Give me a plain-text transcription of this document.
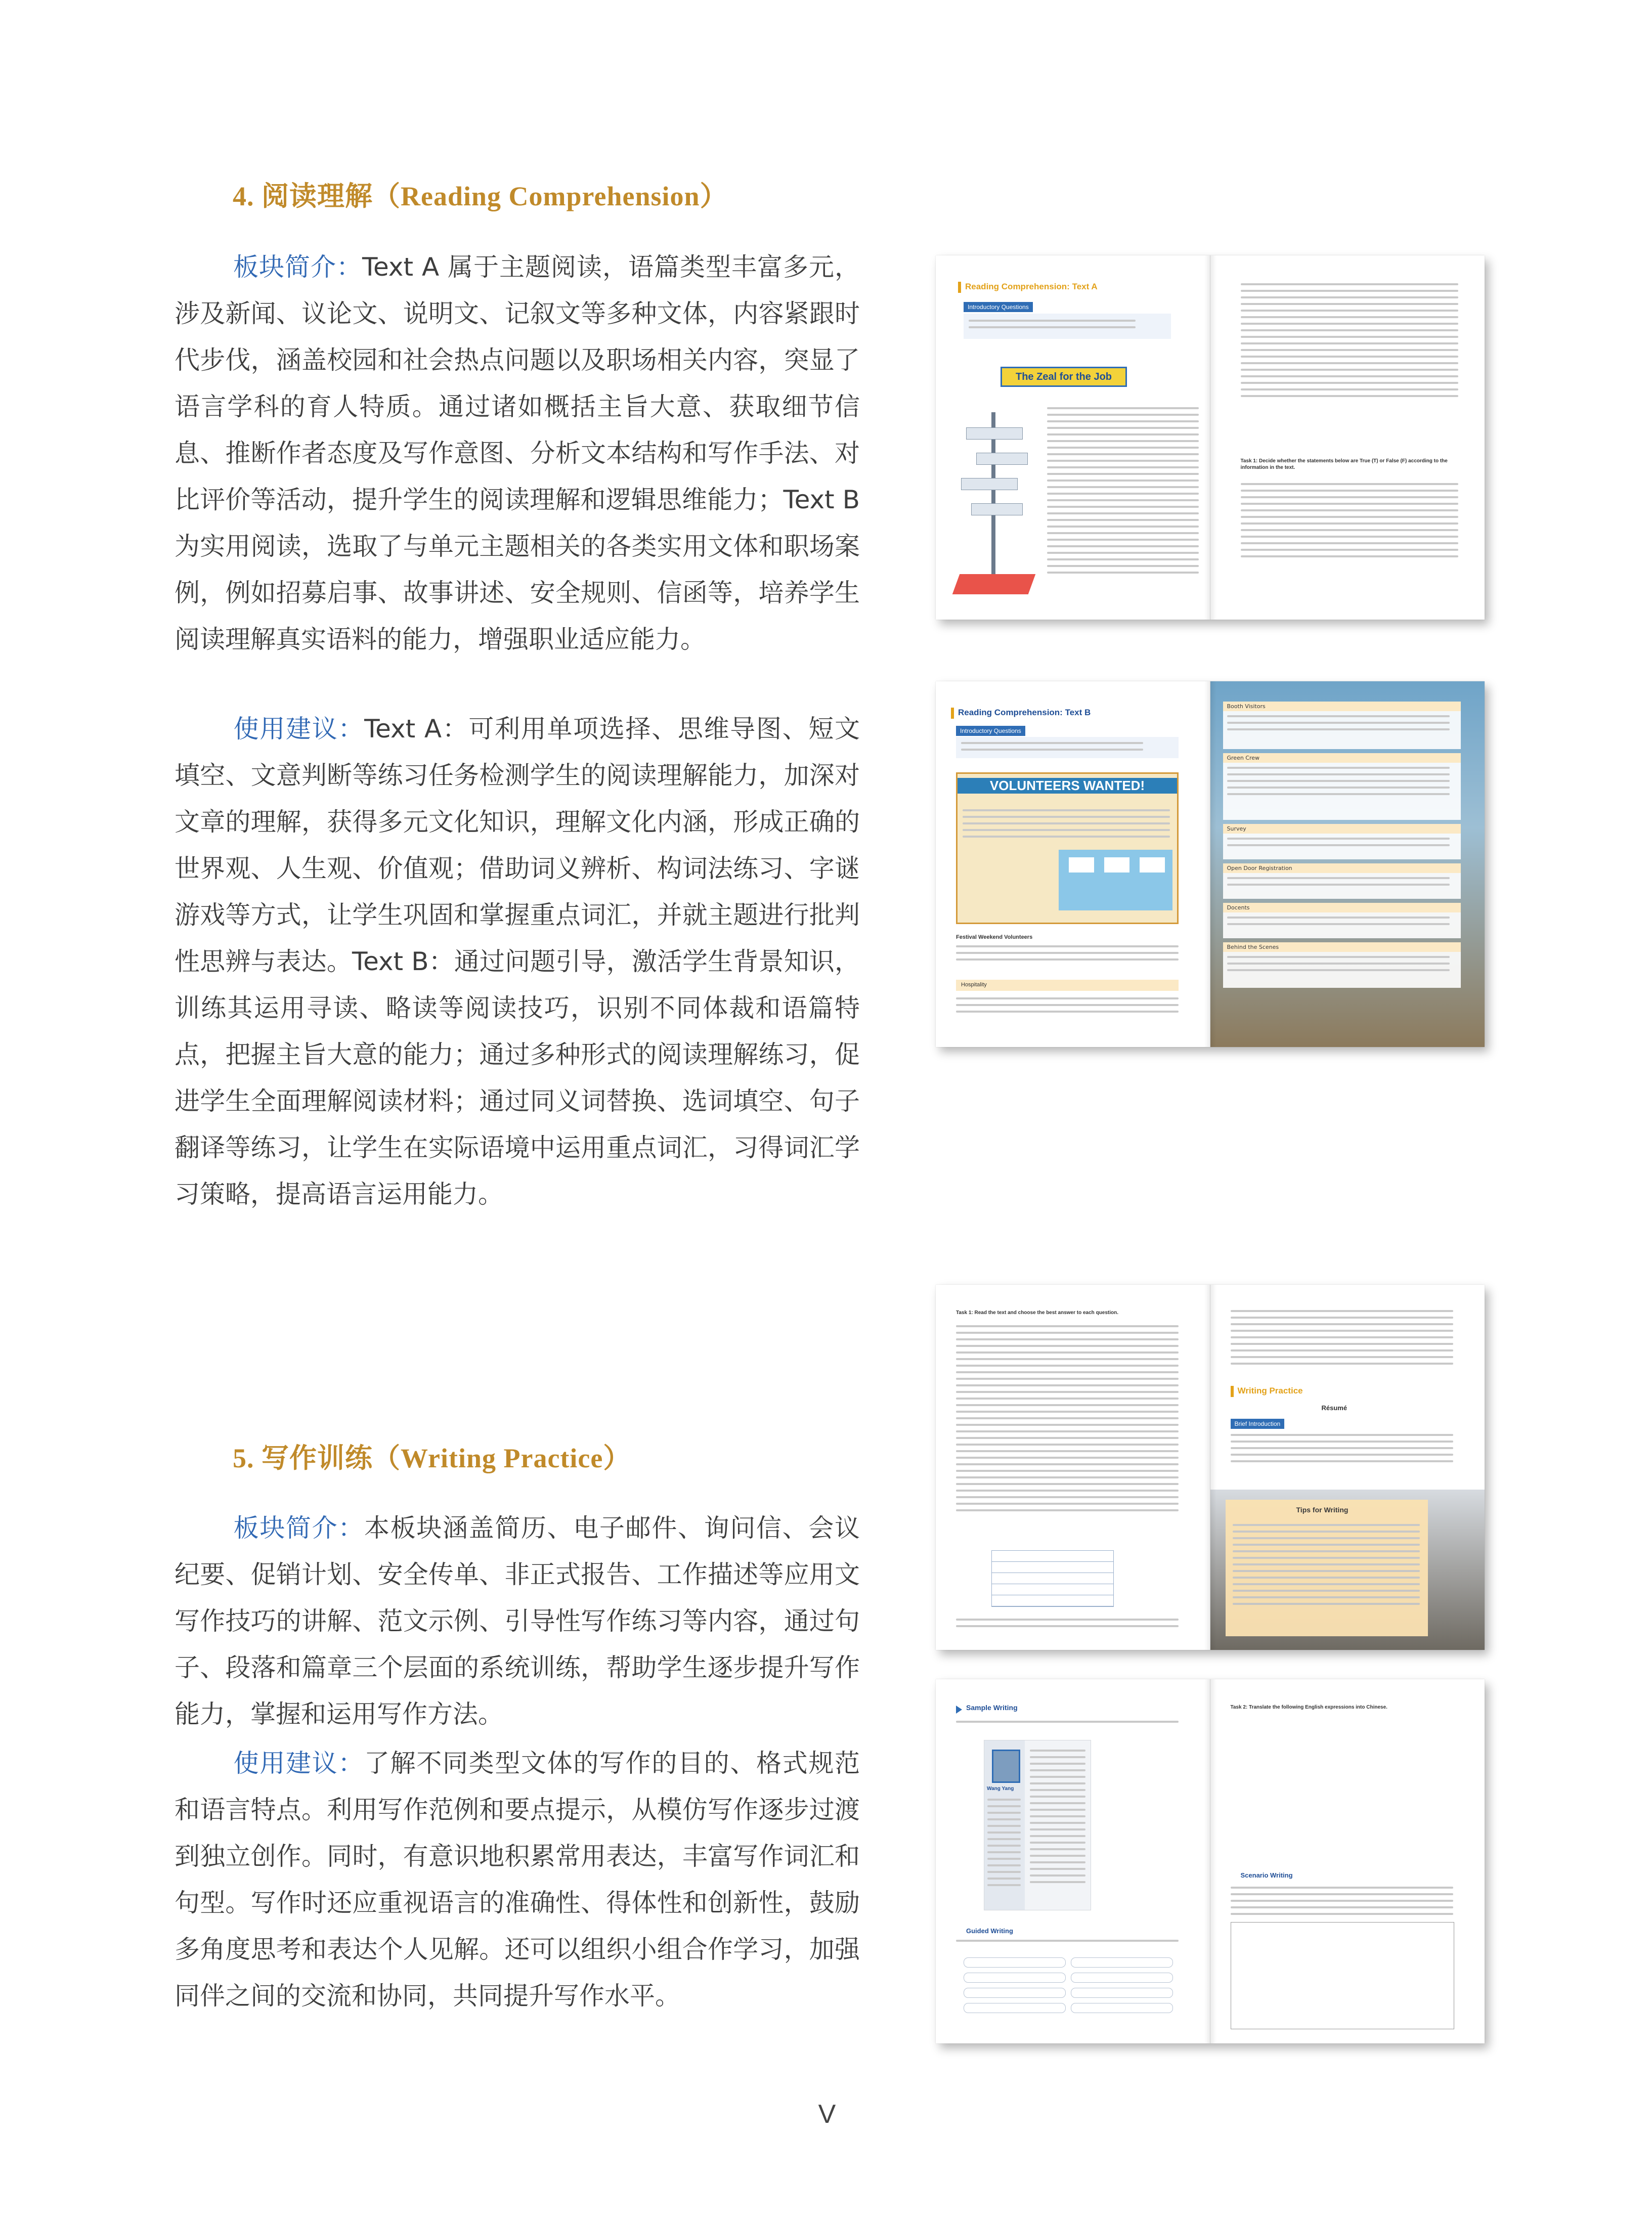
4. 阅读理解（Reading Comprehension）

板块简介：Text A 属于主题阅读，语篇类型丰富多元，涉及新闻、议论文、说明文、记叙文等多种文体，内容紧跟时代步伐，涵盖校园和社会热点问题以及职场相关内容，突显了语言学科的育人特质。通过诸如概括主旨大意、获取细节信息、推断作者态度及写作意图、分析文本结构和写作手法、对比评价等活动，提升学生的阅读理解和逻辑思维能力；Text B 为实用阅读，选取了与单元主题相关的各类实用文体和职场案例，例如招募启事、故事讲述、安全规则、信函等，培养学生阅读理解真实语料的能力，增强职业适应能力。

使用建议：Text A：可利用单项选择、思维导图、短文填空、文意判断等练习任务检测学生的阅读理解能力，加深对文章的理解，获得多元文化知识，理解文化内涵，形成正确的世界观、人生观、价值观；借助词义辨析、构词法练习、字谜游戏等方式，让学生巩固和掌握重点词汇，并就主题进行批判性思辨与表达。Text B：通过问题引导，激活学生背景知识，训练其运用寻读、略读等阅读技巧，识别不同体裁和语篇特点，把握主旨大意的能力；通过多种形式的阅读理解练习，促进学生全面理解阅读材料；通过同义词替换、选词填空、句子翻译等练习，让学生在实际语境中运用重点词汇，习得词汇学习策略，提高语言运用能力。

5. 写作训练（Writing Practice）

板块简介：本板块涵盖简历、电子邮件、询问信、会议纪要、促销计划、安全传单、非正式报告、工作描述等应用文写作技巧的讲解、范文示例、引导性写作练习等内容，通过句子、段落和篇章三个层面的系统训练，帮助学生逐步提升写作能力，掌握和运用写作方法。

使用建议：了解不同类型文体的写作的目的、格式规范和语言特点。利用写作范例和要点提示，从模仿写作逐步过渡到独立创作。同时，有意识地积累常用表达，丰富写作词汇和句型。写作时还应重视语言的准确性、得体性和创新性，鼓励多角度思考和表达个人见解。还可以组织小组合作学习，加强同伴之间的交流和协同，共同提升写作水平。

Reading Comprehension: Text A
Introductory Questions
The Zeal for the Job
Task 1: Decide whether the statements below are True (T) or False (F) according to the information in the text.
Reading Comprehension: Text B
Introductory Questions
VOLUNTEERS WANTED!
Festival Weekend Volunteers
Hospitality
Booth Visitors
Green Crew
Survey
Open Door Registration
Docents
Behind the Scenes
Task 1: Read the text and choose the best answer to each question.
Writing Practice
Résumé
Brief Introduction
Tips for Writing
Sample Writing
Wang Yang
Guided Writing
Task 2: Translate the following English expressions into Chinese.
Scenario Writing

V
